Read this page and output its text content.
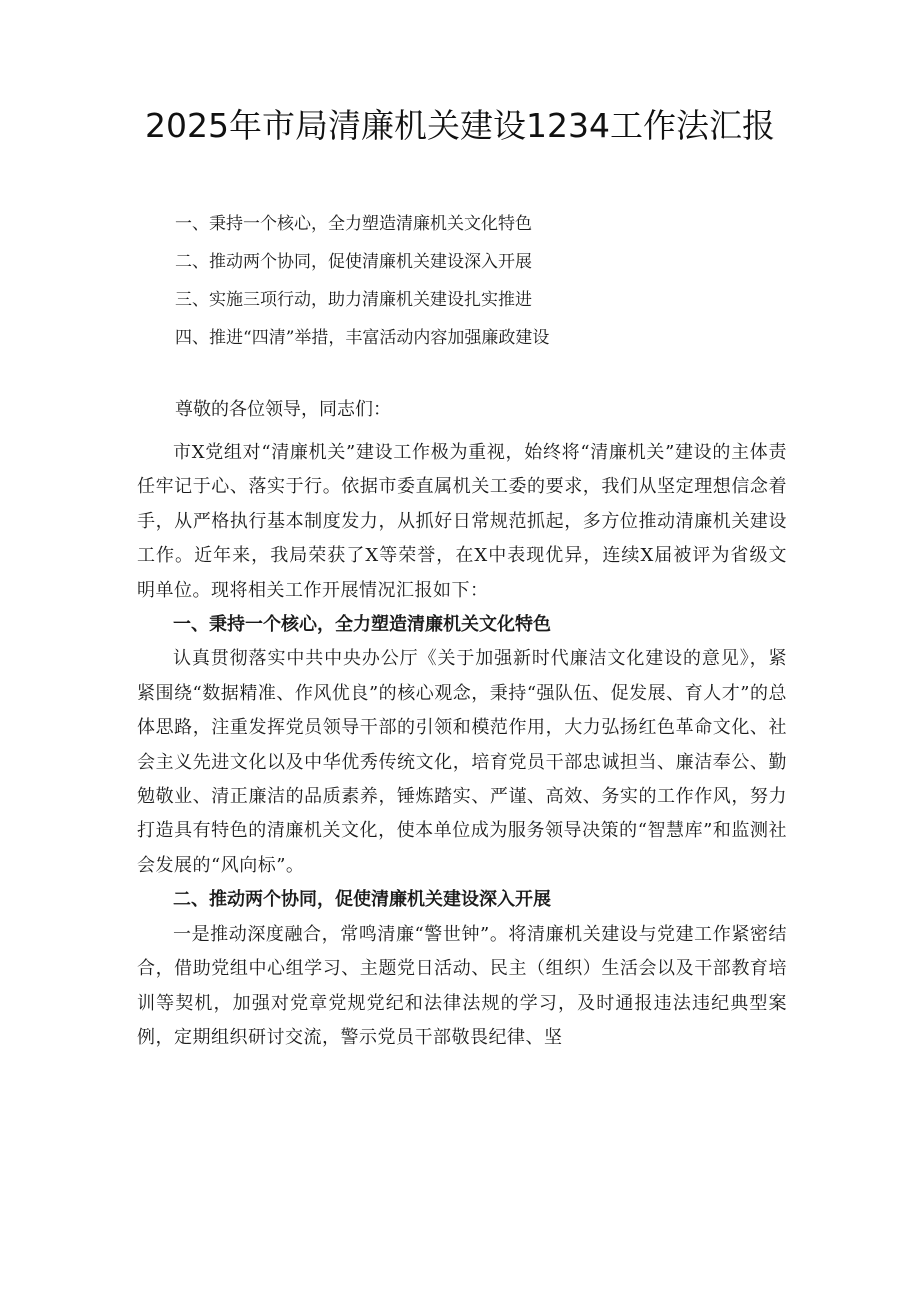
2025年市局清廉机关建设1234工作法汇报
一、秉持一个核心，全力塑造清廉机关文化特色
二、推动两个协同，促使清廉机关建设深入开展
三、实施三项行动，助力清廉机关建设扎实推进
四、推进“四清”举措，丰富活动内容加强廉政建设
尊敬的各位领导，同志们：

市X党组对“清廉机关”建设工作极为重视，始终将“清廉机关”建设的主体责任牢记于心、落实于行。依据市委直属机关工委的要求，我们从坚定理想信念着手，从严格执行基本制度发力，从抓好日常规范抓起，多方位推动清廉机关建设工作。近年来，我局荣获了X等荣誉，在X中表现优异，连续X届被评为省级文明单位。现将相关工作开展情况汇报如下：

一、秉持一个核心，全力塑造清廉机关文化特色

认真贯彻落实中共中央办公厅《关于加强新时代廉洁文化建设的意见》，紧紧围绕“数据精准、作风优良”的核心观念，秉持“强队伍、促发展、育人才”的总体思路，注重发挥党员领导干部的引领和模范作用，大力弘扬红色革命文化、社会主义先进文化以及中华优秀传统文化，培育党员干部忠诚担当、廉洁奉公、勤勉敬业、清正廉洁的品质素养，锤炼踏实、严谨、高效、务实的工作作风，努力打造具有特色的清廉机关文化，使本单位成为服务领导决策的“智慧库”和监测社会发展的“风向标”。

二、推动两个协同，促使清廉机关建设深入开展

一是推动深度融合，常鸣清廉“警世钟”。将清廉机关建设与党建工作紧密结合，借助党组中心组学习、主题党日活动、民主（组织）生活会以及干部教育培训等契机，加强对党章党规党纪和法律法规的学习，及时通报违法违纪典型案例，定期组织研讨交流，警示党员干部敬畏纪律、坚
